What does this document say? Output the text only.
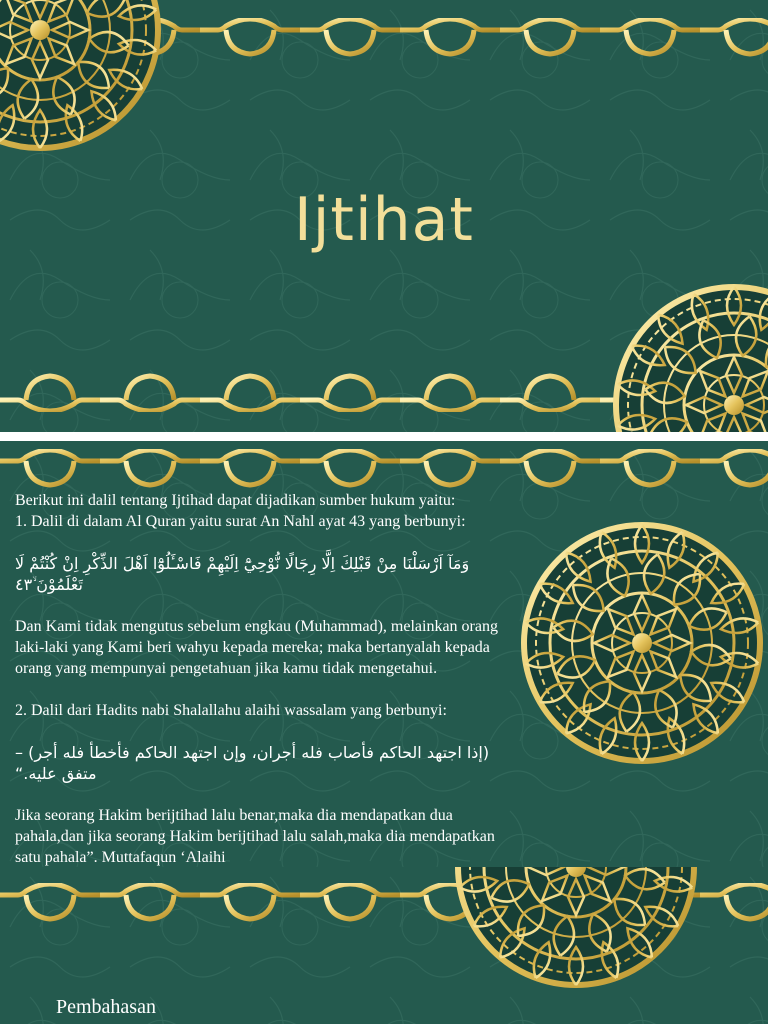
Ijtihat

Berikut ini dalil tentang Ijtihad dapat dijadikan sumber hukum yaitu:

1. Dalil di dalam Al Quran yaitu surat An Nahl ayat 43 yang berbunyi:

وَمَآ اَرْسَلْنَا مِنْ قَبْلِكَ اِلَّا رِجَالًا نُّوْحِيْٓ اِلَيْهِمْ فَاسْـَٔلُوْٓا اَهْلَ الذِّكْرِ اِنْ كُنْتُمْ لَا تَعْلَمُوْنَ ۙ٤٣

Dan Kami tidak mengutus sebelum engkau (Muhammad), melainkan orang laki-laki yang Kami beri wahyu kepada mereka; maka bertanyalah kepada orang yang mempunyai pengetahuan jika kamu tidak mengetahui.

2. Dalil dari Hadits nabi Shalallahu alaihi wassalam yang berbunyi:

(إذا اجتهد الحاكم فأصاب فله أجران، وإن اجتهد الحاكم فأخطأ فله أجر) – متفق عليه.“

Jika seorang Hakim berijtihad lalu benar,maka dia mendapatkan dua pahala,dan jika seorang Hakim berijtihad lalu salah,maka dia mendapatkan satu pahala”. Muttafaqun ‘Alaihi

Pembahasan
